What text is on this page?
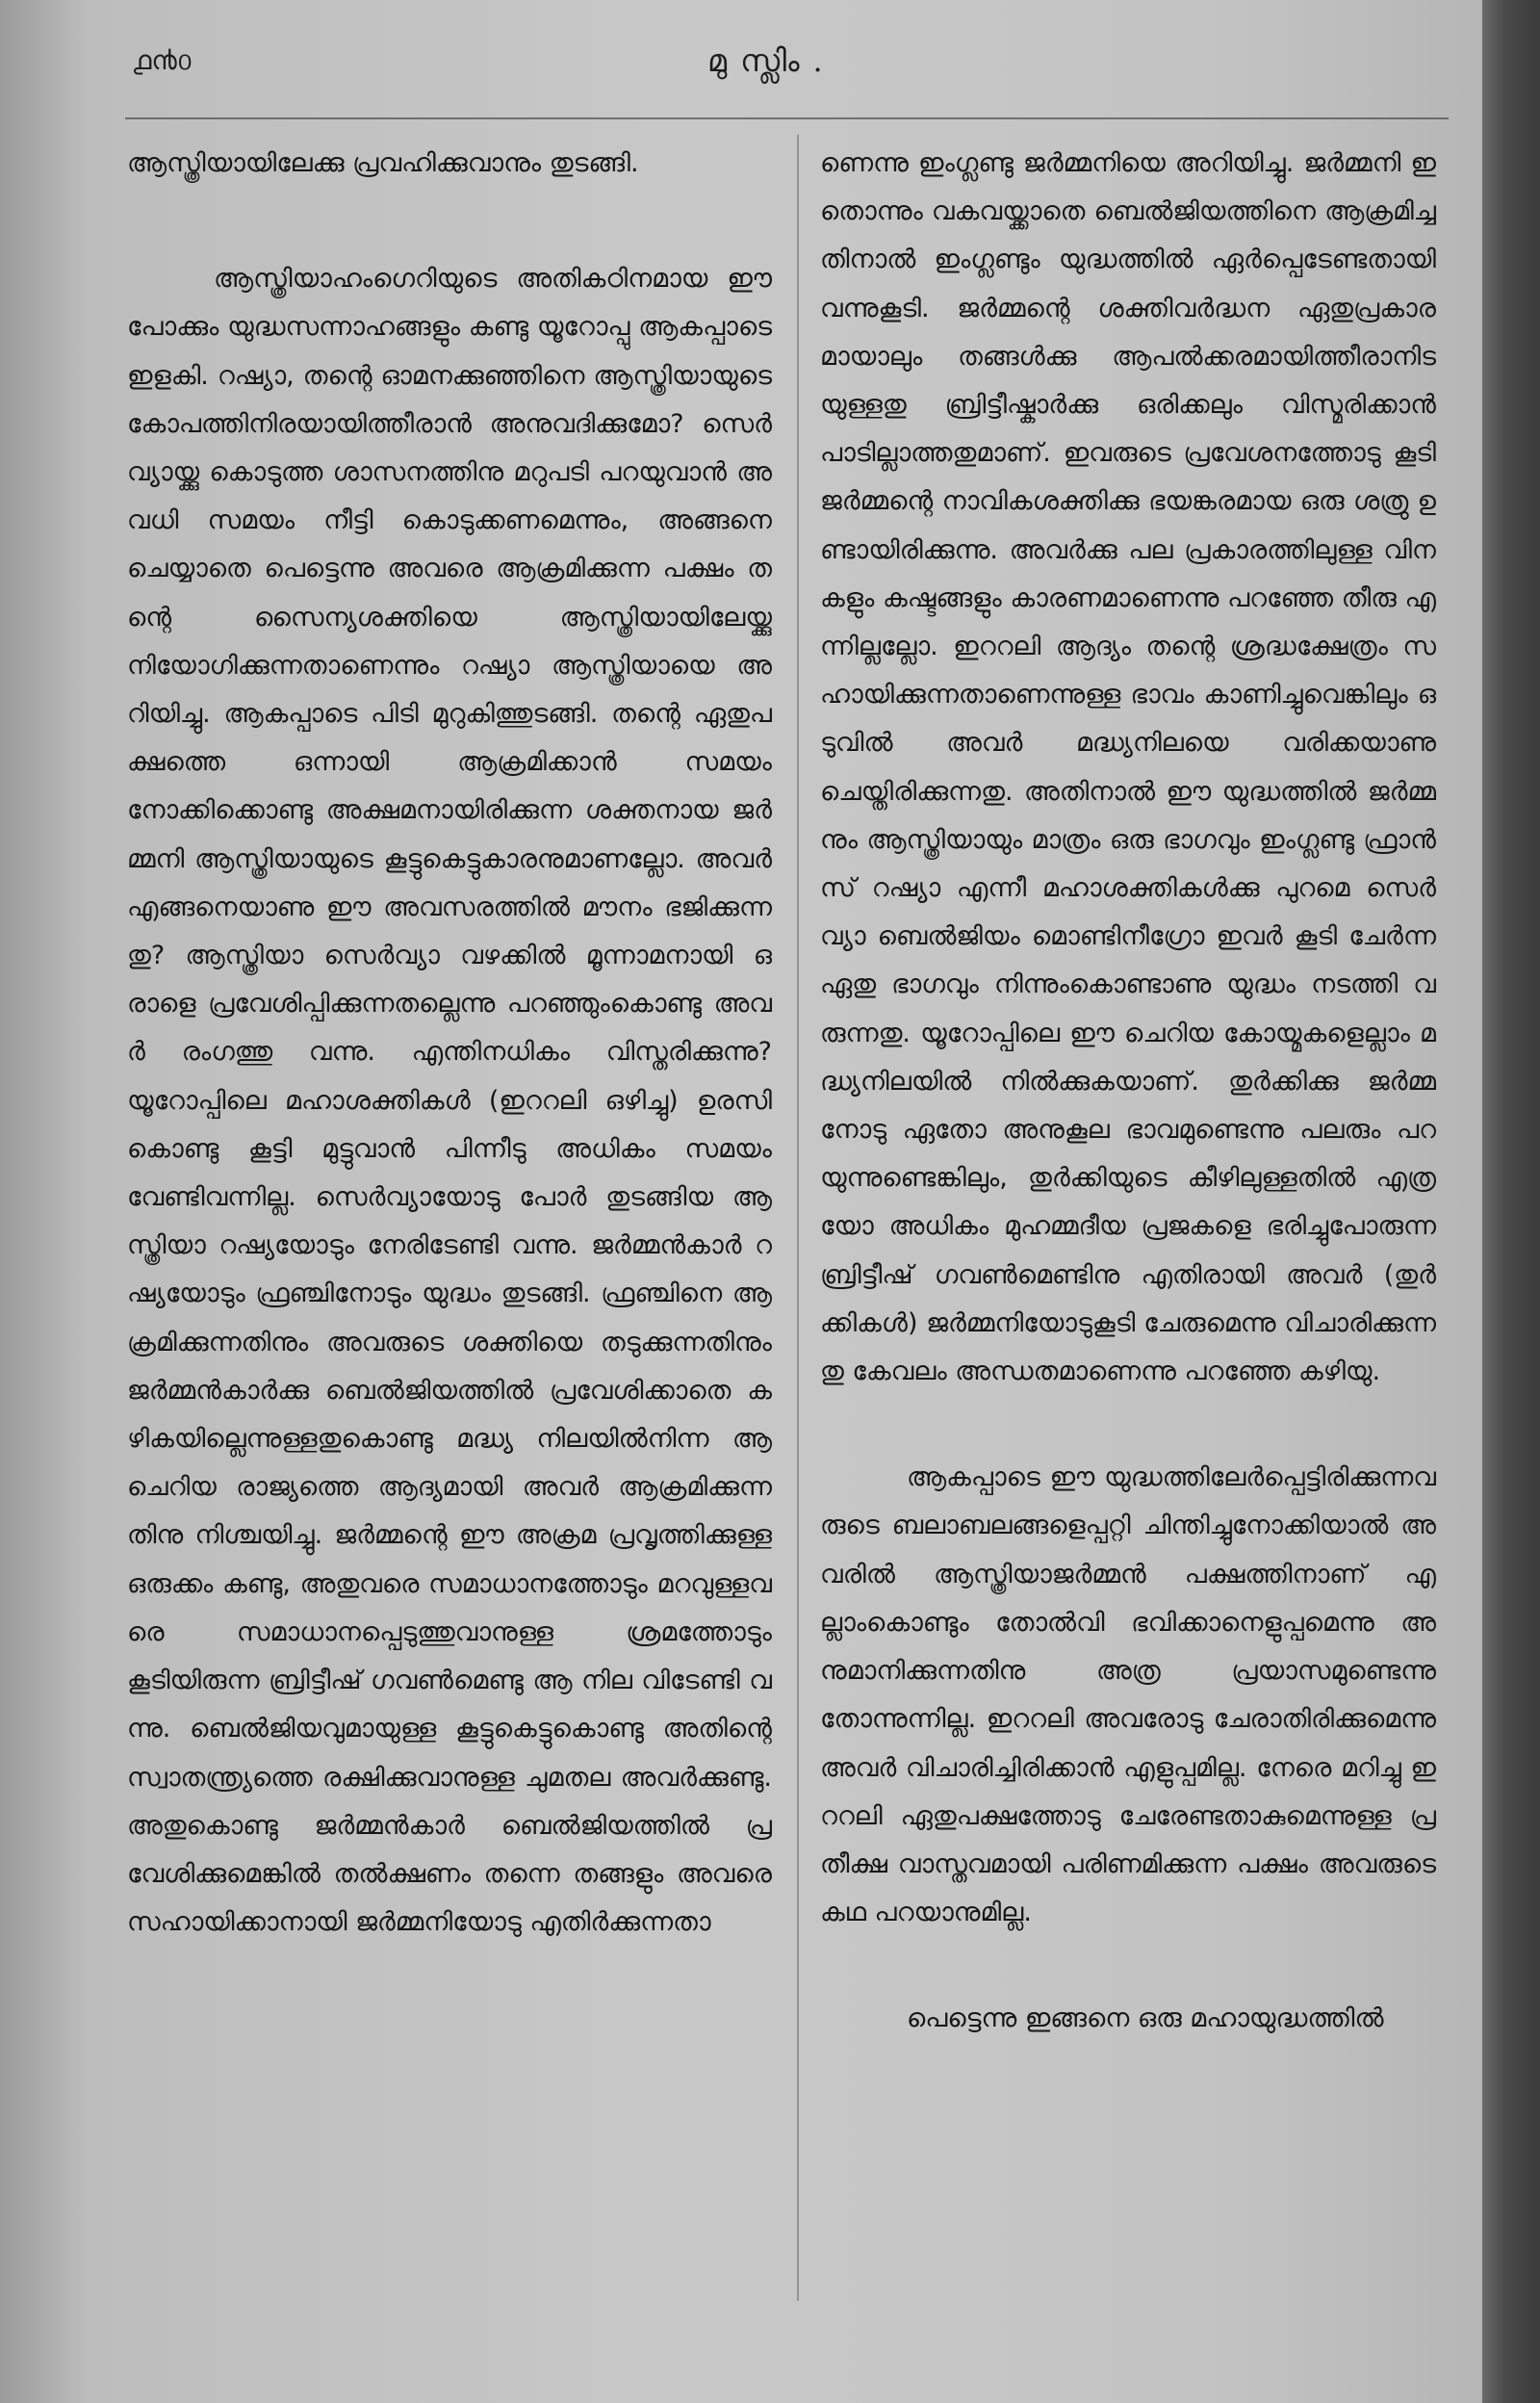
൧൯൦	മുസ്ലിം.

ആസ്ത്രിയായിലേക്കു പ്രവഹിക്കുവാനും തുടങ്ങി.

ആസ്ത്രിയാഹംഗെറിയുടെ അതികഠിനമായ ഈ പോക്കും യുദ്ധസന്നാഹങ്ങളും കണ്ടു യൂറോപ്പു ആകപ്പാടെ ഇളകി. റഷ്യാ, തന്റെ ഓമനക്കുഞ്ഞിനെ ആസ്ത്രിയായുടെ കോപത്തിനിരയായിത്തീരാൻ അനുവദിക്കുമോ? സെർവ്യായ്ക്കു കൊടുത്ത ശാസനത്തിനു മറുപടി പറയുവാൻ അവധി സമയം നീട്ടി കൊടുക്കണമെന്നും, അങ്ങനെ ചെയ്യാതെ പെട്ടെന്നു അവരെ ആക്രമിക്കുന്ന പക്ഷം തന്റെ സൈന്യശക്തിയെ ആസ്ത്രിയായിലേയ്ക്കു നിയോഗിക്കുന്നതാണെന്നും റഷ്യാ ആസ്ത്രിയായെ അറിയിച്ചു. ആകപ്പാടെ പിടി മുറുകിത്തുടങ്ങി. തന്റെ ഏതുപക്ഷത്തെ ഒന്നായി ആക്രമിക്കാൻ സമയം നോക്കിക്കൊണ്ടു അക്ഷമനായിരിക്കുന്ന ശക്തനായ ജർമ്മനി ആസ്ത്രിയായുടെ കൂട്ടുകെട്ടുകാരനുമാണല്ലോ. അവർ എങ്ങനെയാണു ഈ അവസരത്തിൽ മൗനം ഭജിക്കുന്നതു? ആസ്ത്രിയാ സെർവ്യാ വഴക്കിൽ മൂന്നാമനായി ഒരാളെ പ്രവേശിപ്പിക്കുന്നതല്ലെന്നു പറഞ്ഞുംകൊണ്ടു അവർ രംഗത്തു വന്നു. എന്തിനധികം വിസ്തരിക്കുന്നു? യൂറോപ്പിലെ മഹാശക്തികൾ (ഇററലി ഒഴിച്ചു) ഉരസി കൊണ്ടു കൂട്ടി മുട്ടുവാൻ പിന്നീടു അധികം സമയം വേണ്ടിവന്നില്ല. സെർവ്യായോടു പോർ തുടങ്ങിയ ആസ്ത്രിയാ റഷ്യയോടും നേരിടേണ്ടി വന്നു. ജർമ്മൻകാർ റഷ്യയോടും ഫ്രഞ്ചിനോടും യുദ്ധം തുടങ്ങി. ഫ്രഞ്ചിനെ ആക്രമിക്കുന്നതിനും അവരുടെ ശക്തിയെ തടുക്കുന്നതിനും ജർമ്മൻകാർക്കു ബെൽജിയത്തിൽ പ്രവേശിക്കാതെ കഴികയില്ലെന്നുള്ളതുകൊണ്ടു മദ്ധ്യ നിലയിൽനിന്ന ആ ചെറിയ രാജ്യത്തെ ആദ്യമായി അവർ ആക്രമിക്കുന്നതിനു നിശ്ചയിച്ചു. ജർമ്മന്റെ ഈ അക്രമ പ്രവൃത്തിക്കുള്ള ഒരുക്കം കണ്ടു, അതുവരെ സമാധാനത്തോടും മറവുള്ളവരെ സമാധാനപ്പെടുത്തുവാനുള്ള ശ്രമത്തോടും കൂടിയിരുന്ന ബ്രിട്ടീഷ് ഗവൺമെണ്ടു ആ നില വിടേണ്ടി വന്നു. ബെൽജിയവുമായുള്ള കൂട്ടുകെട്ടുകൊണ്ടു അതിന്റെ സ്വാതന്ത്ര്യത്തെ രക്ഷിക്കുവാനുള്ള ചുമതല അവർക്കുണ്ടു. അതുകൊണ്ടു ജർമ്മൻകാർ ബെൽജിയത്തിൽ പ്രവേശിക്കുമെങ്കിൽ തൽക്ഷണം തന്നെ തങ്ങളും അവരെ സഹായിക്കാനായി ജർമ്മനിയോടു എതിർക്കുന്നതാ

ണെന്നു ഇംഗ്ലണ്ടു ജർമ്മനിയെ അറിയിച്ചു. ജർമ്മനി ഇതൊന്നും വകവയ്ക്കാതെ ബെൽജിയത്തിനെ ആക്രമിച്ചതിനാൽ ഇംഗ്ലണ്ടും യുദ്ധത്തിൽ ഏർപ്പെടേണ്ടതായി വന്നുകൂടി. ജർമ്മന്റെ ശക്തിവർദ്ധന ഏതുപ്രകാരമായാലും തങ്ങൾക്കു ആപൽക്കരമായിത്തീരാനിടയുള്ളതു ബ്രിട്ടീഷ്കാർക്കു ഒരിക്കലും വിസ്മരിക്കാൻ പാടില്ലാത്തതുമാണ്. ഇവരുടെ പ്രവേശനത്തോടു കൂടി ജർമ്മന്റെ നാവികശക്തിക്കു ഭയങ്കരമായ ഒരു ശത്രു ഉണ്ടായിരിക്കുന്നു. അവർക്കു പല പ്രകാരത്തിലുള്ള വിനകളും കഷ്ടങ്ങളും കാരണമാണെന്നു പറഞ്ഞേ തീരു എന്നില്ലല്ലോ. ഇററലി ആദ്യം തന്റെ ശ്രദ്ധക്ഷേത്രം സഹായിക്കുന്നതാണെന്നുള്ള ഭാവം കാണിച്ചുവെങ്കിലും ഒടുവിൽ അവർ മദ്ധ്യനിലയെ വരിക്കയാണു ചെയ്തിരിക്കുന്നതു. അതിനാൽ ഈ യുദ്ധത്തിൽ ജർമ്മനും ആസ്ത്രിയായും മാത്രം ഒരു ഭാഗവും ഇംഗ്ലണ്ടു ഫ്രാൻസ് റഷ്യാ എന്നീ മഹാശക്തികൾക്കു പുറമെ സെർവ്യാ ബെൽജിയം മൊണ്ടിനീഗ്രോ ഇവർ കൂടി ചേർന്ന ഏതു ഭാഗവും നിന്നുംകൊണ്ടാണു യുദ്ധം നടത്തി വരുന്നതു. യൂറോപ്പിലെ ഈ ചെറിയ കോയ്മകളെല്ലാം മദ്ധ്യനിലയിൽ നിൽക്കുകയാണ്. തുർക്കിക്കു ജർമ്മനോടു ഏതോ അനുകൂല ഭാവമുണ്ടെന്നു പലരും പറയുന്നുണ്ടെങ്കിലും, തുർക്കിയുടെ കീഴിലുള്ളതിൽ എത്രയോ അധികം മുഹമ്മദീയ പ്രജകളെ ഭരിച്ചുപോരുന്ന ബ്രിട്ടീഷ് ഗവൺമെണ്ടിനു എതിരായി അവർ (തുർക്കികൾ) ജർമ്മനിയോടുകൂടി ചേരുമെന്നു വിചാരിക്കുന്നതു കേവലം അന്ധതമാണെന്നു പറഞ്ഞേ കഴിയു.

ആകപ്പാടെ ഈ യുദ്ധത്തിലേർപ്പെട്ടിരിക്കുന്നവരുടെ ബലാബലങ്ങളെപ്പറ്റി ചിന്തിച്ചുനോക്കിയാൽ അവരിൽ ആസ്ത്രിയാജർമ്മൻ പക്ഷത്തിനാണ് എല്ലാംകൊണ്ടും തോൽവി ഭവിക്കാനെളുപ്പമെന്നു അനുമാനിക്കുന്നതിനു അത്ര പ്രയാസമുണ്ടെന്നു തോന്നുന്നില്ല. ഇററലി അവരോടു ചേരാതിരിക്കുമെന്നു അവർ വിചാരിച്ചിരിക്കാൻ എളുപ്പമില്ല. നേരെ മറിച്ചു ഇററലി ഏതുപക്ഷത്തോടു ചേരേണ്ടതാകുമെന്നുള്ള പ്രതീക്ഷ വാസ്തവമായി പരിണമിക്കുന്ന പക്ഷം അവരുടെ കഥ പറയാനുമില്ല.

പെട്ടെന്നു ഇങ്ങനെ ഒരു മഹായുദ്ധത്തിൽ
